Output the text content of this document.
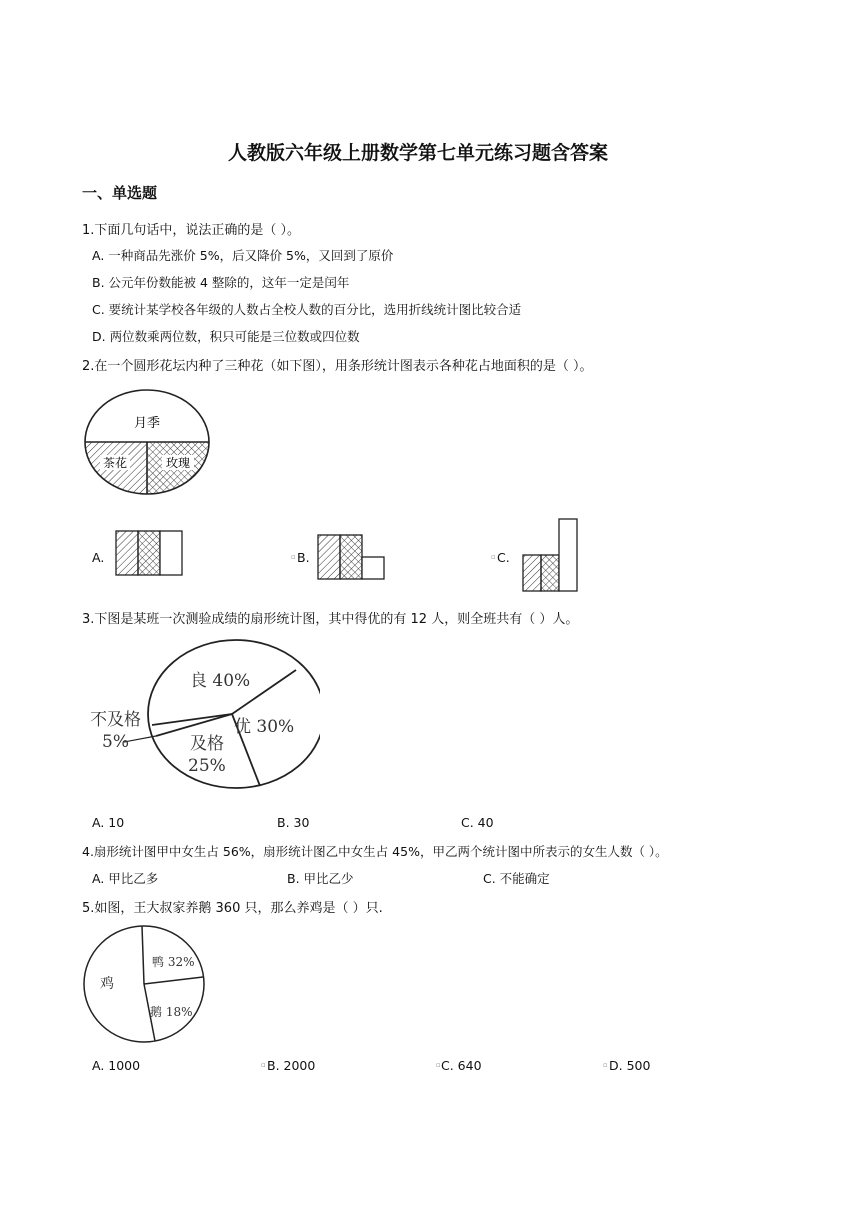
人教版六年级上册数学第七单元练习题含答案
一、单选题
1.下面几句话中，说法正确的是（ ）。
A. 一种商品先涨价 5%，后又降价 5%，又回到了原价
B. 公元年份数能被 4 整除的，这年一定是闰年
C. 要统计某学校各年级的人数占全校人数的百分比，选用折线统计图比较合适
D. 两位数乘两位数，积只可能是三位数或四位数
2.在一个圆形花坛内种了三种花（如下图），用条形统计图表示各种花占地面积的是（ ）。
月季
茶花	玫瑰
A.	▫ B.	▫ C.
3.下图是某班一次测验成绩的扇形统计图，其中得优的有 12 人，则全班共有（ ）人。
良 40%
优 30%
及格
25%
不及格
5%
A. 10	B. 30	C. 40
4.扇形统计图甲中女生占 56%，扇形统计图乙中女生占 45%，甲乙两个统计图中所表示的女生人数（ ）。
A. 甲比乙多	B. 甲比乙少	C. 不能确定
5.如图，王大叔家养鹅 360 只，那么养鸡是（ ）只.
鸡
鸭 32%
鹅 18%
A. 1000	▫ B. 2000	▫ C. 640	▫ D. 500
